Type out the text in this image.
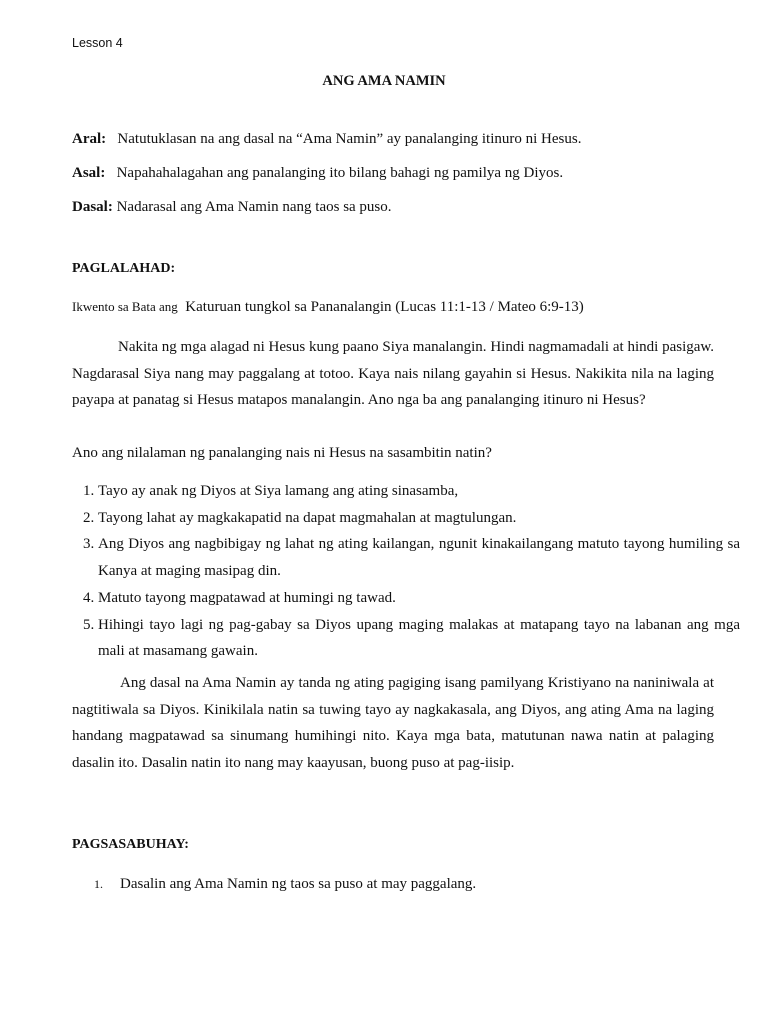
Lesson 4
ANG AMA NAMIN
Aral: Natutuklasan na ang dasal na “Ama Namin” ay panalanging itinuro ni Hesus.
Asal: Napahahalagahan ang panalanging ito bilang bahagi ng pamilya ng Diyos.
Dasal: Nadarasal ang Ama Namin nang taos sa puso.
PAGLALAHAD:
Ikwento sa Bata ang Katuruan tungkol sa Pananalangin (Lucas 11:1-13 / Mateo 6:9-13)
Nakita ng mga alagad ni Hesus kung paano Siya manalangin. Hindi nagmamadali at hindi pasigaw. Nagdarasal Siya nang may paggalang at totoo. Kaya nais nilang gayahin si Hesus. Nakikita nila na laging payapa at panatag si Hesus matapos manalangin. Ano nga ba ang panalanging itinuro ni Hesus?
Ano ang nilalaman ng panalanging nais ni Hesus na sasambitin natin?
1. Tayo ay anak ng Diyos at Siya lamang ang ating sinasamba,
2. Tayong lahat ay magkakapatid na dapat magmahalan at magtulungan.
3. Ang Diyos ang nagbibigay ng lahat ng ating kailangan, ngunit kinakailangang matuto tayong humiling sa Kanya at maging masipag din.
4. Matuto tayong magpatawad at humingi ng tawad.
5. Hihingi tayo lagi ng pag-gabay sa Diyos upang maging malakas at matapang tayo na labanan ang mga mali at masamang gawain.
Ang dasal na Ama Namin ay tanda ng ating pagiging isang pamilyang Kristiyano na naniniwala at nagtitiwala sa Diyos. Kinikilala natin sa tuwing tayo ay nagkakasala, ang Diyos, ang ating Ama na laging handang magpatawad sa sinumang humihingi nito. Kaya mga bata, matutunan nawa natin at palaging dasalin ito. Dasalin natin ito nang may kaayusan, buong puso at pag-iisip.
PAGSASABUHAY:
1. Dasalin ang Ama Namin ng taos sa puso at may paggalang.
